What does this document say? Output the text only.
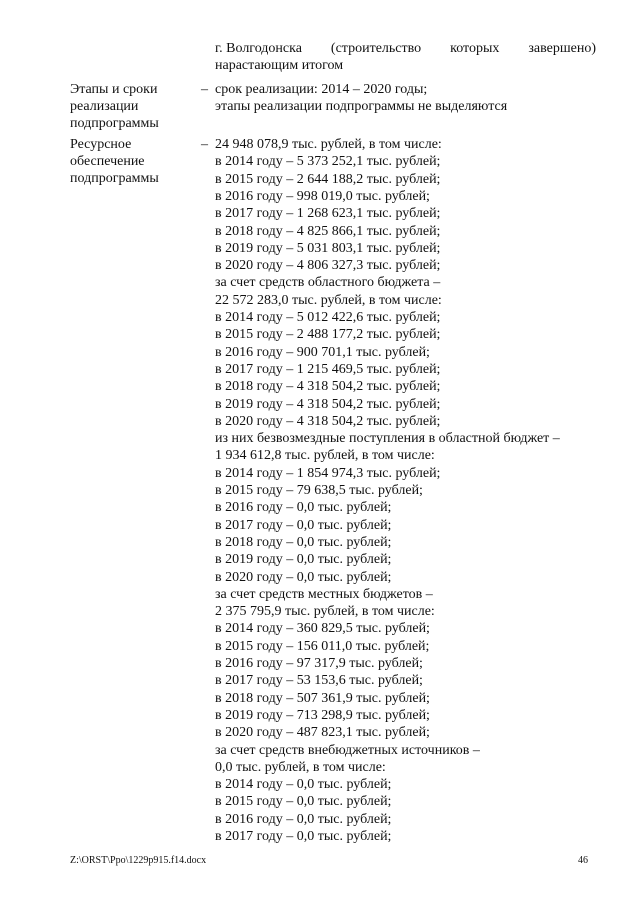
г. Волгодонска (строительство которых завершено)
нарастающим итогом
Этапы и сроки
реализации
подпрограммы
– срок реализации: 2014 – 2020 годы;
этапы реализации подпрограммы не выделяются
Ресурсное
обеспечение
подпрограммы
– 24 948 078,9 тыс. рублей, в том числе:
в 2014 году – 5 373 252,1 тыс. рублей;
в 2015 году – 2 644 188,2 тыс. рублей;
в 2016 году – 998 019,0 тыс. рублей;
в 2017 году – 1 268 623,1 тыс. рублей;
в 2018 году – 4 825 866,1 тыс. рублей;
в 2019 году – 5 031 803,1 тыс. рублей;
в 2020 году – 4 806 327,3 тыс. рублей;
за счет средств областного бюджета –
22 572 283,0 тыс. рублей, в том числе:
в 2014 году – 5 012 422,6 тыс. рублей;
в 2015 году – 2 488 177,2 тыс. рублей;
в 2016 году – 900 701,1 тыс. рублей;
в 2017 году – 1 215 469,5 тыс. рублей;
в 2018 году – 4 318 504,2 тыс. рублей;
в 2019 году – 4 318 504,2 тыс. рублей;
в 2020 году – 4 318 504,2 тыс. рублей;
из них безвозмездные поступления в областной бюджет –
1 934 612,8 тыс. рублей, в том числе:
в 2014 году – 1 854 974,3 тыс. рублей;
в 2015 году – 79 638,5 тыс. рублей;
в 2016 году – 0,0 тыс. рублей;
в 2017 году – 0,0 тыс. рублей;
в 2018 году – 0,0 тыс. рублей;
в 2019 году – 0,0 тыс. рублей;
в 2020 году – 0,0 тыс. рублей;
за счет средств местных бюджетов –
2 375 795,9 тыс. рублей, в том числе:
в 2014 году – 360 829,5 тыс. рублей;
в 2015 году – 156 011,0 тыс. рублей;
в 2016 году – 97 317,9 тыс. рублей;
в 2017 году – 53 153,6 тыс. рублей;
в 2018 году – 507 361,9 тыс. рублей;
в 2019 году – 713 298,9 тыс. рублей;
в 2020 году – 487 823,1 тыс. рублей;
за счет средств внебюджетных источников –
0,0 тыс. рублей, в том числе:
в 2014 году – 0,0 тыс. рублей;
в 2015 году – 0,0 тыс. рублей;
в 2016 году – 0,0 тыс. рублей;
в 2017 году – 0,0 тыс. рублей;
Z:\ORST\Ppo\1229p915.f14.docx	46
